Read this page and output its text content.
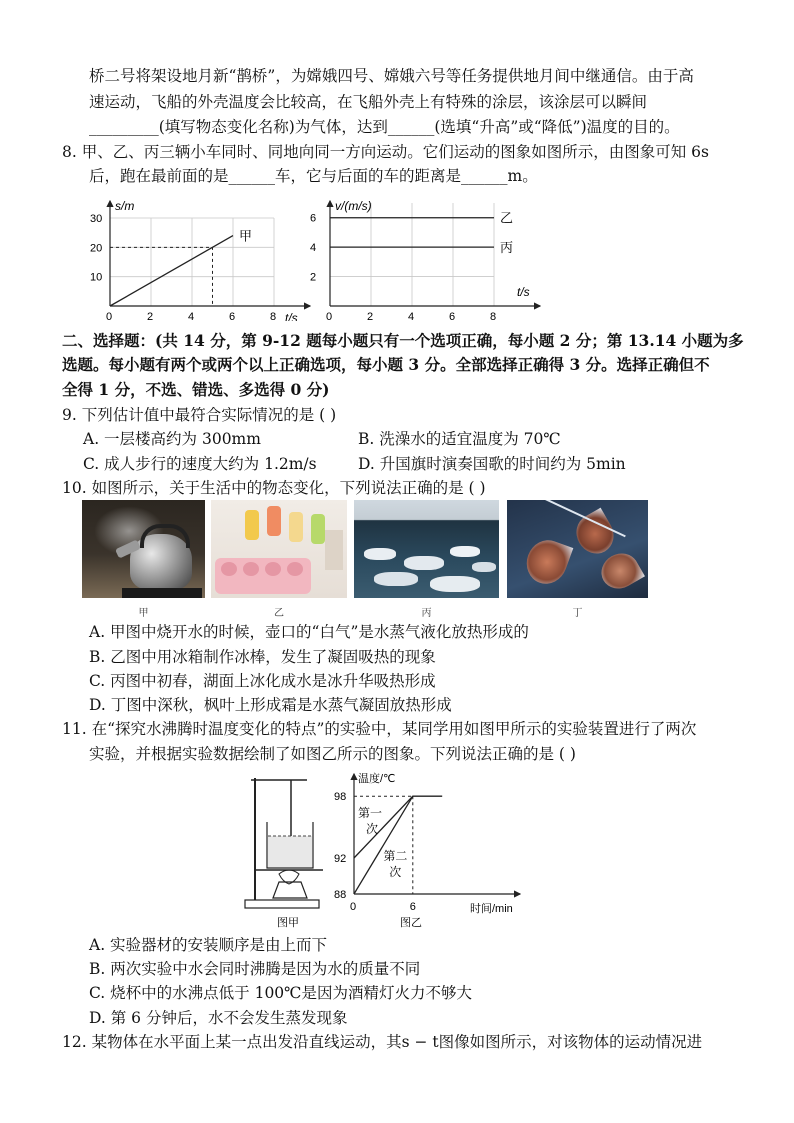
桥二号将架设地月新“鹊桥”，为嫦娥四号、嫦娥六号等任务提供地月间中继通信。由于高
速运动，飞船的外壳温度会比较高，在飞船外壳上有特殊的涂层，该涂层可以瞬间
_________(填写物态变化名称)为气体，达到______(选填“升高”或“降低”)温度的目的。
8. 甲、乙、丙三辆小车同时、同地向同一方向运动。它们运动的图象如图所示，由图象可知 6s
后，跑在最前面的是______车，它与后面的车的距离是______m。
0	2	4	6	8
10
20
30
甲
s/m
t/s	0	2	4	6	8
2
4
6	乙
丙
v/(m/s)
t/s
二、选择题：(共 14 分，第 9-12 题每小题只有一个选项正确，每小题 2 分；第 13.14 小题为多
选题。每小题有两个或两个以上正确选项，每小题 3 分。全部选择正确得 3 分。选择正确但不
全得 1 分，不选、错选、多选得 0 分)
9. 下列估计值中最符合实际情况的是 ( )
A. 一层楼高约为 300mm	B. 洗澡水的适宜温度为 70℃
C. 成人步行的速度大约为 1.2m/s	D. 升国旗时演奏国歌的时间约为 5min
10. 如图所示，关于生活中的物态变化，下列说法正确的是 ( )
甲	乙	丙	丁
A. 甲图中烧开水的时候，壶口的“白气”是水蒸气液化放热形成的
B. 乙图中用冰箱制作冰棒，发生了凝固吸热的现象
C. 丙图中初春，湖面上冰化成水是冰升华吸热形成
D. 丁图中深秋，枫叶上形成霜是水蒸气凝固放热形成
11. 在“探究水沸腾时温度变化的特点”的实验中，某同学用如图甲所示的实验装置进行了两次
实验，并根据实验数据绘制了如图乙所示的图象。下列说法正确的是 ( )
图甲
88
92
98
6
第一
次
第二
次
温度/℃
时间/min
0
图乙
A. 实验器材的安装顺序是由上而下
B. 两次实验中水会同时沸腾是因为水的质量不同
C. 烧杯中的水沸点低于 100℃是因为酒精灯火力不够大
D. 第 6 分钟后，水不会发生蒸发现象
12. 某物体在水平面上某一点出发沿直线运动，其s − t图像如图所示，对该物体的运动情况进
